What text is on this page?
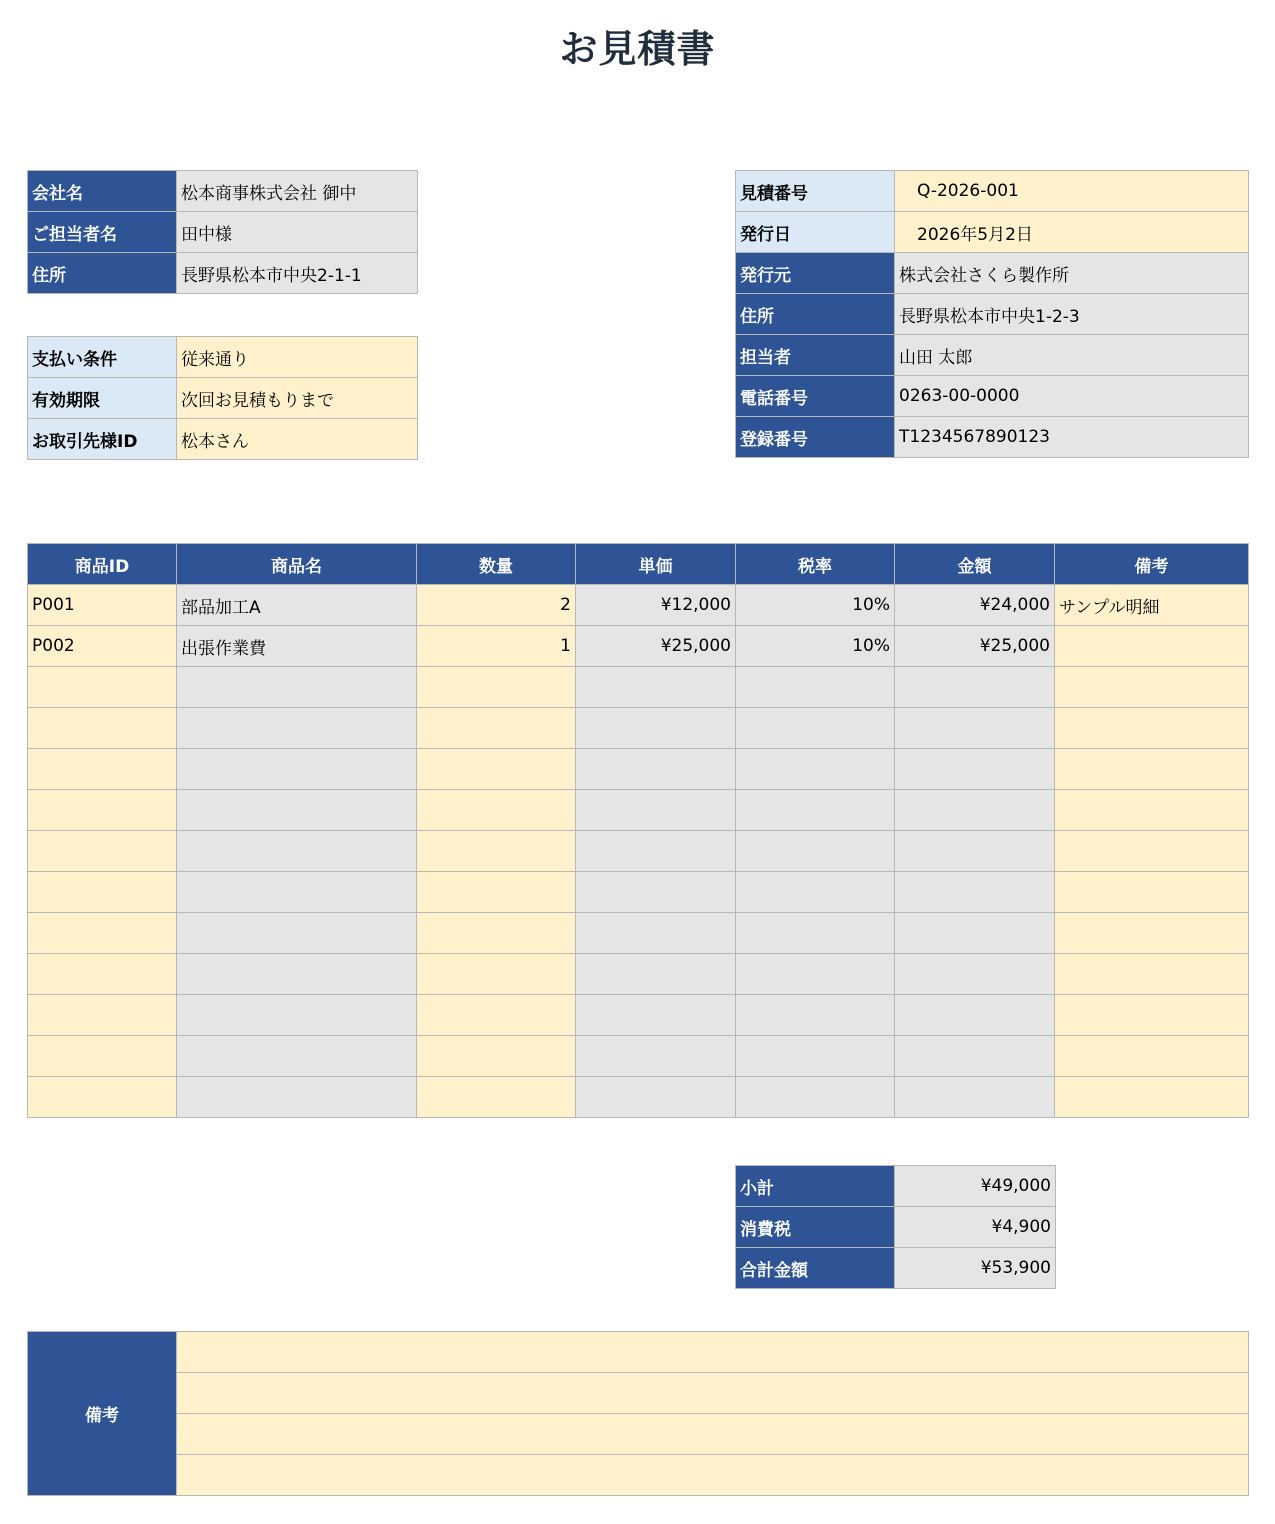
お見積書
会社名	松本商事株式会社 御中
ご担当者名	田中様
住所	長野県松本市中央2-1-1
支払い条件	従来通り
有効期限	次回お見積もりまで
お取引先様ID	松本さん
見積番号	Q-2026-001
発行日	2026年5月2日
発行元	株式会社さくら製作所
住所	長野県松本市中央1-2-3
担当者	山田 太郎
電話番号	0263-00-0000
登録番号	T1234567890123
商品ID	商品名	数量	単価	税率	金額	備考
P001	部品加工A	2	¥12,000	10%	¥24,000	サンプル明細
P002	出張作業費	1	¥25,000	10%	¥25,000	

小計	¥49,000
消費税	¥4,900
合計金額	¥53,900
備考	
